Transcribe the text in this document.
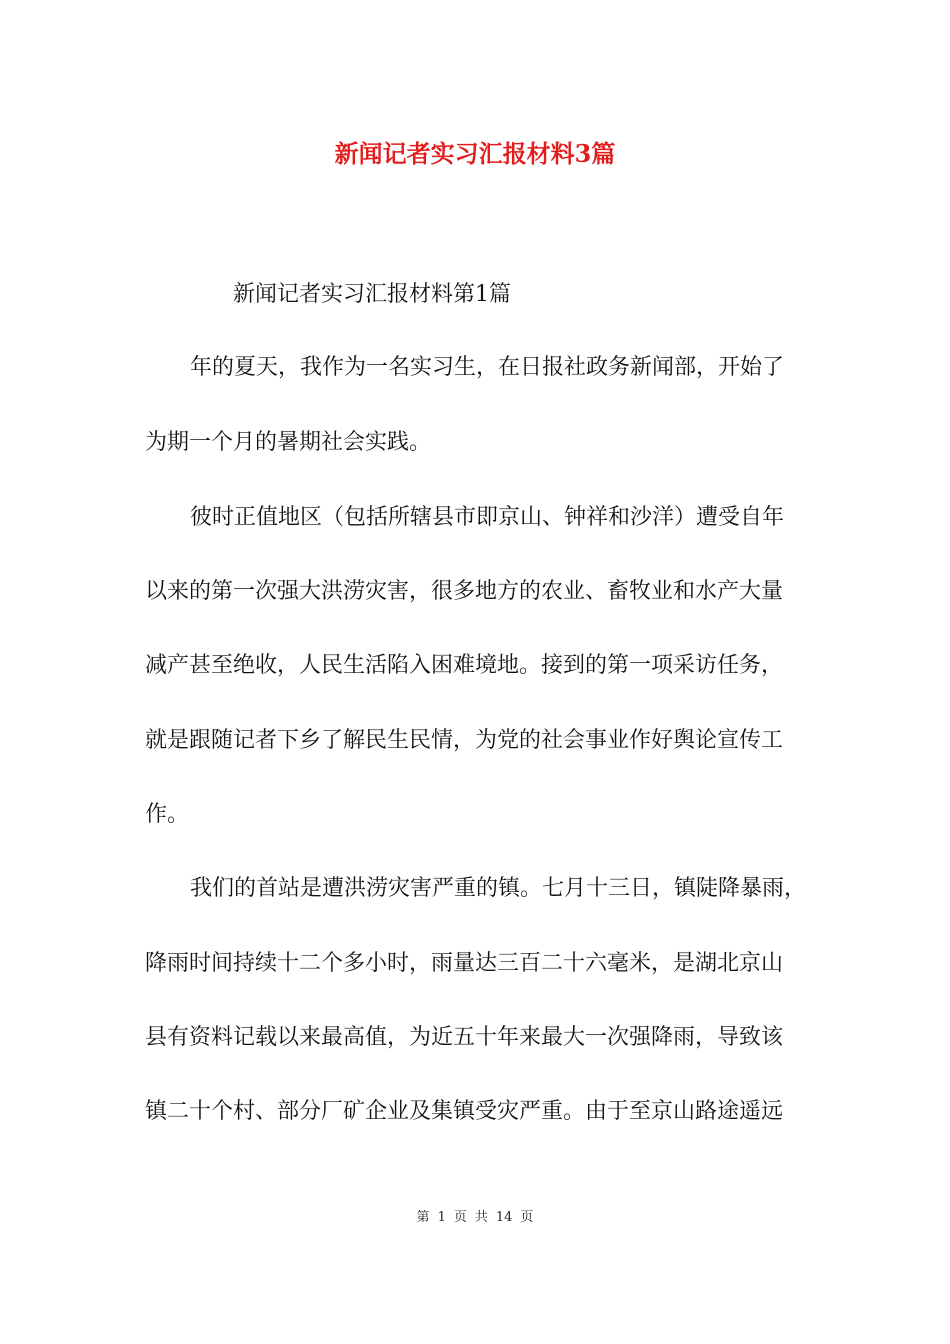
新闻记者实习汇报材料3篇

新闻记者实习汇报材料第1篇

年的夏天，我作为一名实习生，在日报社政务新闻部，开始了

为期一个月的暑期社会实践。

彼时正值地区（包括所辖县市即京山、钟祥和沙洋）遭受自年

以来的第一次强大洪涝灾害，很多地方的农业、畜牧业和水产大量

减产甚至绝收，人民生活陷入困难境地。接到的第一项采访任务，

就是跟随记者下乡了解民生民情，为党的社会事业作好舆论宣传工

作。

我们的首站是遭洪涝灾害严重的镇。七月十三日，镇陡降暴雨，

降雨时间持续十二个多小时，雨量达三百二十六毫米，是湖北京山

县有资料记载以来最高值，为近五十年来最大一次强降雨，导致该

镇二十个村、部分厂矿企业及集镇受灾严重。由于至京山路途遥远

第 1 页 共 14 页
